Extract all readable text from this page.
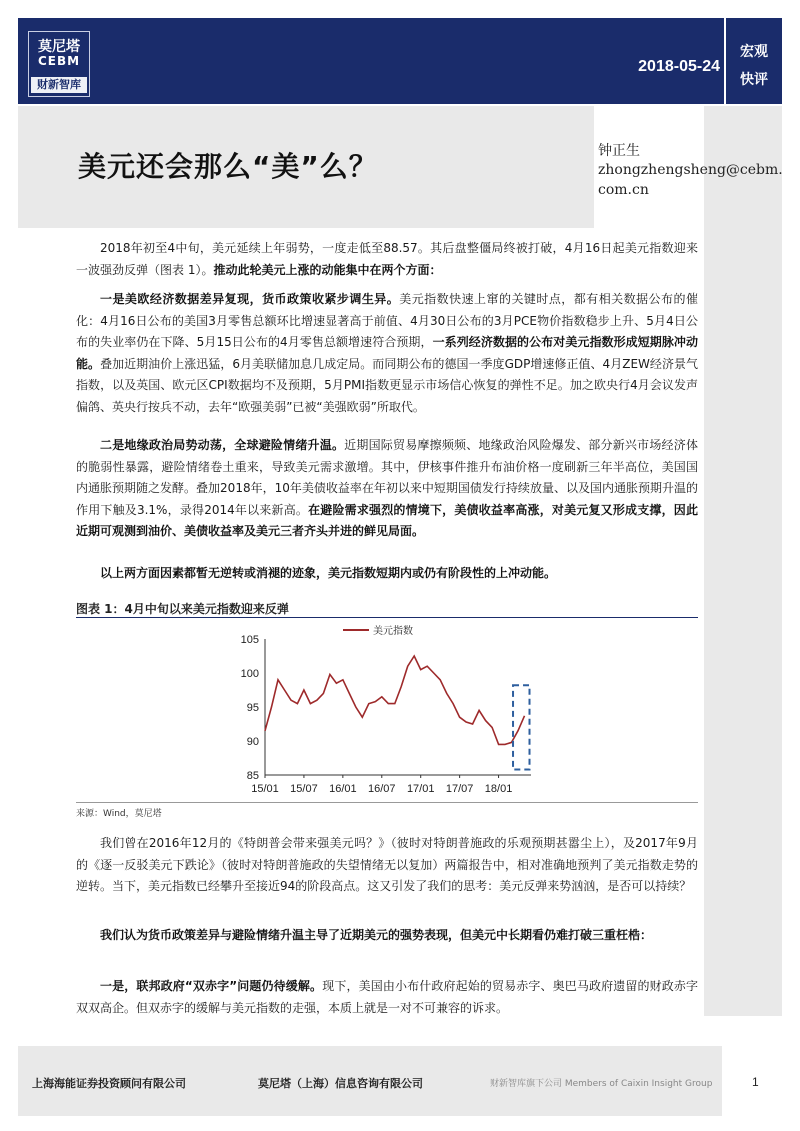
莫尼塔
CEBM
财新智库
2018-05-24
宏观
快评
美元还会那么“美”么？	钟正生
zhongzhengsheng@cebm.com.cn
2018年初至4中旬，美元延续上年弱势，一度走低至88.57。其后盘整僵局终被打破，4月16日起美元指数迎来一波强劲反弹（图表 1）。推动此轮美元上涨的动能集中在两个方面：
一是美欧经济数据差异复现，货币政策收紧步调生异。美元指数快速上窜的关键时点，都有相关数据公布的催化：4月16日公布的美国3月零售总额环比增速显著高于前值、4月30日公布的3月PCE物价指数稳步上升、5月4日公布的失业率仍在下降、5月15日公布的4月零售总额增速符合预期，一系列经济数据的公布对美元指数形成短期脉冲动能。叠加近期油价上涨迅猛，6月美联储加息几成定局。而同期公布的德国一季度GDP增速修正值、4月ZEW经济景气指数，以及英国、欧元区CPI数据均不及预期，5月PMI指数更显示市场信心恢复的弹性不足。加之欧央行4月会议发声偏鸽、英央行按兵不动，去年“欧强美弱”已被“美强欧弱”所取代。
二是地缘政治局势动荡，全球避险情绪升温。近期国际贸易摩擦频频、地缘政治风险爆发、部分新兴市场经济体的脆弱性暴露，避险情绪卷土重来，导致美元需求激增。其中，伊核事件推升布油价格一度刷新三年半高位，美国国内通胀预期随之发酵。叠加2018年，10年美债收益率在年初以来中短期国债发行持续放量、以及国内通胀预期升温的作用下触及3.1%，录得2014年以来新高。在避险需求强烈的情境下，美债收益率高涨，对美元复又形成支撑，因此近期可观测到油价、美债收益率及美元三者齐头并进的鲜见局面。
以上两方面因素都暂无逆转或消褪的迹象，美元指数短期内或仍有阶段性的上冲动能。
图表 1：4月中旬以来美元指数迎来反弹
85
90
95
100
105
15/01 15/07 16/01 16/07 17/01 17/07 18/01
美元指数
来源：Wind，莫尼塔
我们曾在2016年12月的《特朗普会带来强美元吗？》（彼时对特朗普施政的乐观预期甚嚣尘上），及2017年9月的《逐一反驳美元下跌论》（彼时对特朗普施政的失望情绪无以复加）两篇报告中，相对准确地预判了美元指数走势的逆转。当下，美元指数已经攀升至接近94的阶段高点。这又引发了我们的思考：美元反弹来势汹汹，是否可以持续？
我们认为货币政策差异与避险情绪升温主导了近期美元的强势表现，但美元中长期看仍难打破三重枉梏：
一是，联邦政府“双赤字”问题仍待缓解。现下，美国由小布什政府起始的贸易赤字、奥巴马政府遗留的财政赤字双双高企。但双赤字的缓解与美元指数的走强，本质上就是一对不可兼容的诉求。
上海海能证券投资顾问有限公司	莫尼塔（上海）信息咨询有限公司	财新智库旗下公司 Members of Caixin Insight Group	1
